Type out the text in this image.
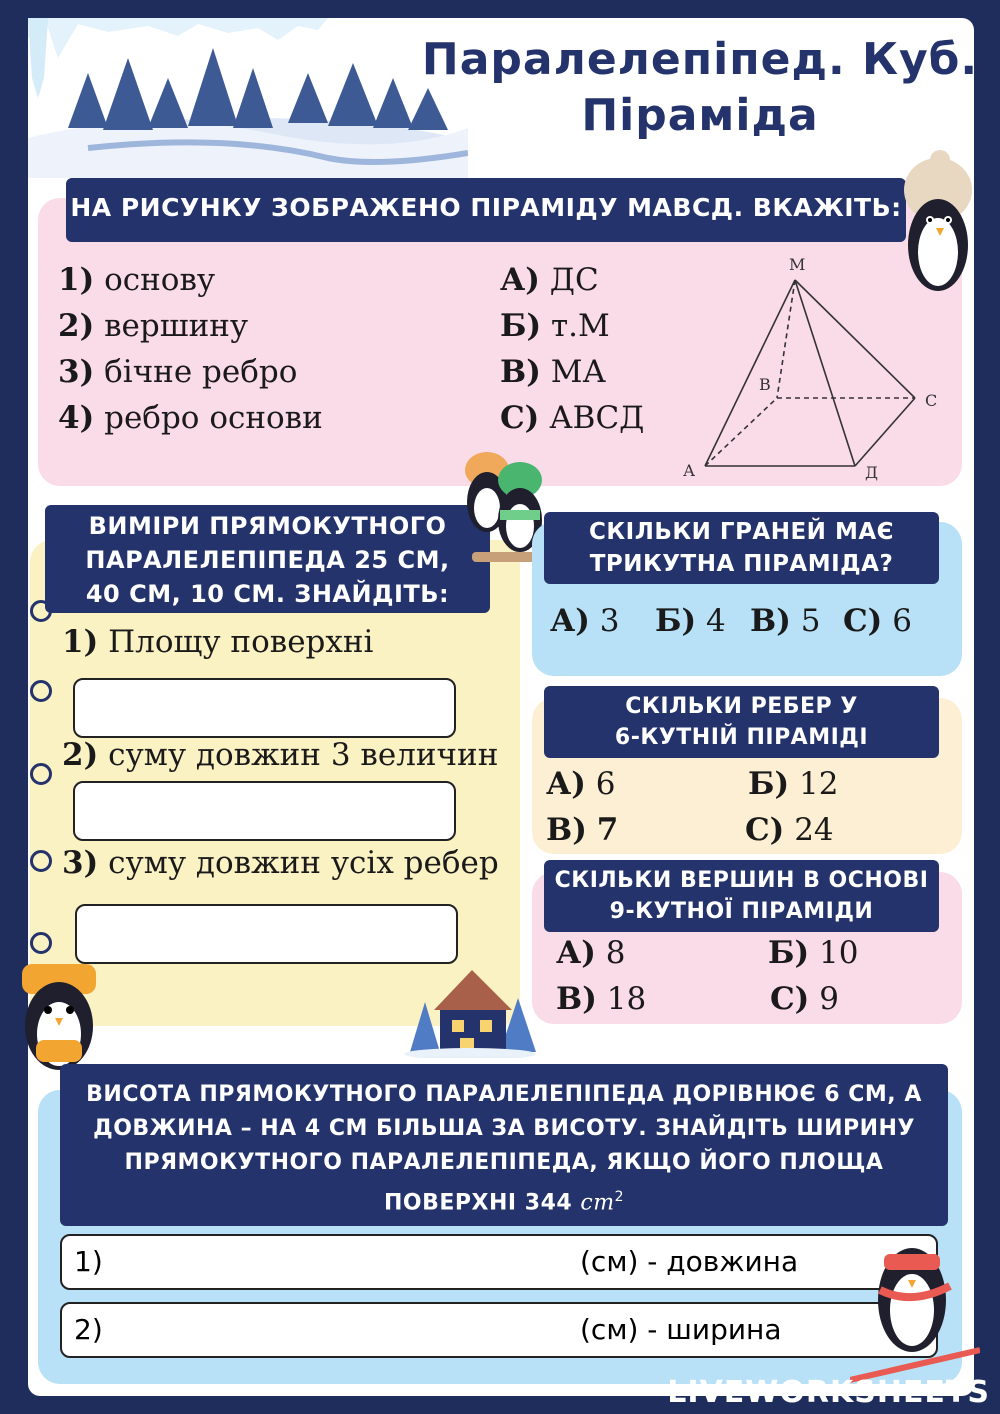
Паралелепіпед. Куб.
Піраміда
НА РИСУНКУ ЗОБРАЖЕНО ПІРАМІДУ МАВСД. ВКАЖІТЬ:
1) основу
2) вершину
3) бічне ребро
4) ребро основи
А) ДС
Б) т.М
В) МА
С) АВСД
М
В
С
А	Д
ВИМІРИ ПРЯМОКУТНОГО
ПАРАЛЕЛЕПІПЕДА 25 СМ,
40 СМ, 10 СМ. ЗНАЙДІТЬ:
1) Площу поверхні
2) суму довжин 3 величин
3) суму довжин усіх ребер
СКІЛЬКИ ГРАНЕЙ МАЄ
ТРИКУТНА ПІРАМІДА?
А) 3 Б) 4 В) 5 С) 6
СКІЛЬКИ РЕБЕР У
6-КУТНІЙ ПІРАМІДІ
А) 6	Б) 12
В) 7	С) 24
СКІЛЬКИ ВЕРШИН В ОСНОВІ
9-КУТНОЇ ПІРАМІДИ
А) 8	Б) 10
В) 18	С) 9
ВИСОТА ПРЯМОКУТНОГО ПАРАЛЕЛЕПІПЕДА ДОРІВНЮЄ 6 СМ, А
ДОВЖИНА – НА 4 СМ БІЛЬША ЗА ВИСОТУ. ЗНАЙДІТЬ ШИРИНУ
ПРЯМОКУТНОГО ПАРАЛЕЛЕПІПЕДА, ЯКЩО ЙОГО ПЛОЩА
ПОВЕРХНІ 344 $cm^2$
1)	(см) - довжина
2)	(см) - ширина
LIVEWORKSHEETS
